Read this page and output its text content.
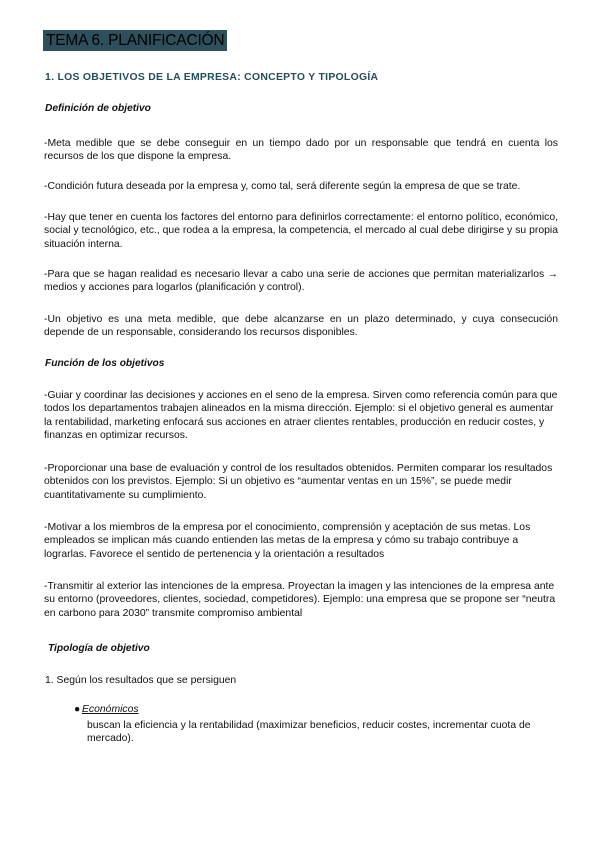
TEMA 6. PLANIFICACIÓN
1. LOS OBJETIVOS DE LA EMPRESA: CONCEPTO Y TIPOLOGÍA
Definición de objetivo
-Meta medible que se debe conseguir en un tiempo dado por un responsable que tendrá en cuenta los recursos de los que dispone la empresa.
-Condición futura deseada por la empresa y, como tal, será diferente según la empresa de que se trate.
-Hay que tener en cuenta los factores del entorno para definirlos correctamente: el entorno político, económico, social y tecnológico, etc., que rodea a la empresa, la competencia, el mercado al cual debe dirigirse y su propia situación interna.
-Para que se hagan realidad es necesario llevar a cabo una serie de acciones que permitan materializarlos → medios y acciones para logarlos (planificación y control).
-Un objetivo es una meta medible, que debe alcanzarse en un plazo determinado, y cuya consecución depende de un responsable, considerando los recursos disponibles.
Función de los objetivos
-Guiar y coordinar las decisiones y acciones en el seno de la empresa. Sirven como referencia común para que todos los departamentos trabajen alineados en la misma dirección. Ejemplo: si el objetivo general es aumentar la rentabilidad, marketing enfocará sus acciones en atraer clientes rentables, producción en reducir costes, y finanzas en optimizar recursos.
-Proporcionar una base de evaluación y control de los resultados obtenidos. Permiten comparar los resultados obtenidos con los previstos. Ejemplo: Si un objetivo es “aumentar ventas en un 15%”, se puede medir cuantitativamente su cumplimiento.
-Motivar a los miembros de la empresa por el conocimiento, comprensión y aceptación de sus metas. Los empleados se implican más cuando entienden las metas de la empresa y cómo su trabajo contribuye a lograrlas. Favorece el sentido de pertenencia y la orientación a resultados
-Transmitir al exterior las intenciones de la empresa. Proyectan la imagen y las intenciones de la empresa ante su entorno (proveedores, clientes, sociedad, competidores). Ejemplo: una empresa que se propone ser “neutra en carbono para 2030” transmite compromiso ambiental
Tipología de objetivo
1. Según los resultados que se persiguen
● Económicos
buscan la eficiencia y la rentabilidad (maximizar beneficios, reducir costes, incrementar cuota de mercado).
